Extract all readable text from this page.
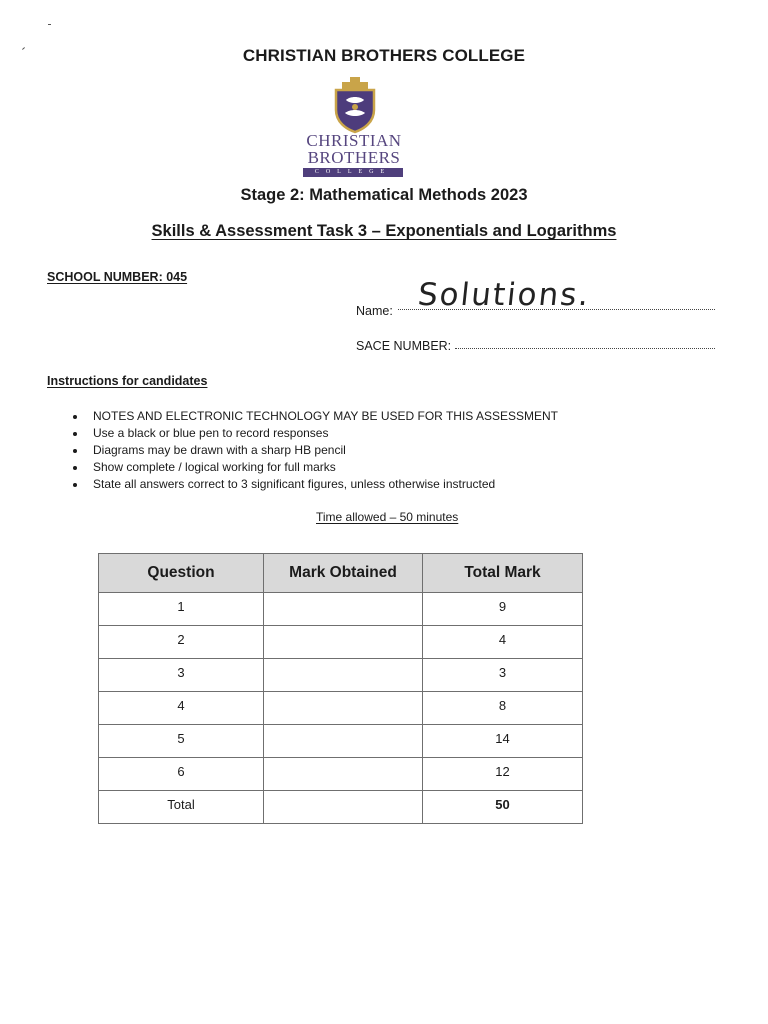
CHRISTIAN BROTHERS COLLEGE
CHRISTIAN
BROTHERS
COLLEGE
Stage 2: Mathematical Methods 2023
Skills & Assessment Task 3 – Exponentials and Logarithms
SCHOOL NUMBER: 045
Name: Solutions.
SACE NUMBER:
Instructions for candidates
NOTES AND ELECTRONIC TECHNOLOGY MAY BE USED FOR THIS ASSESSMENT
Use a black or blue pen to record responses
Diagrams may be drawn with a sharp HB pencil
Show complete / logical working for full marks
State all answers correct to 3 significant figures, unless otherwise instructed
Time allowed – 50 minutes
Question	Mark Obtained	Total Mark
1		9
2		4
3		3
4		8
5		14
6		12
Total		50
